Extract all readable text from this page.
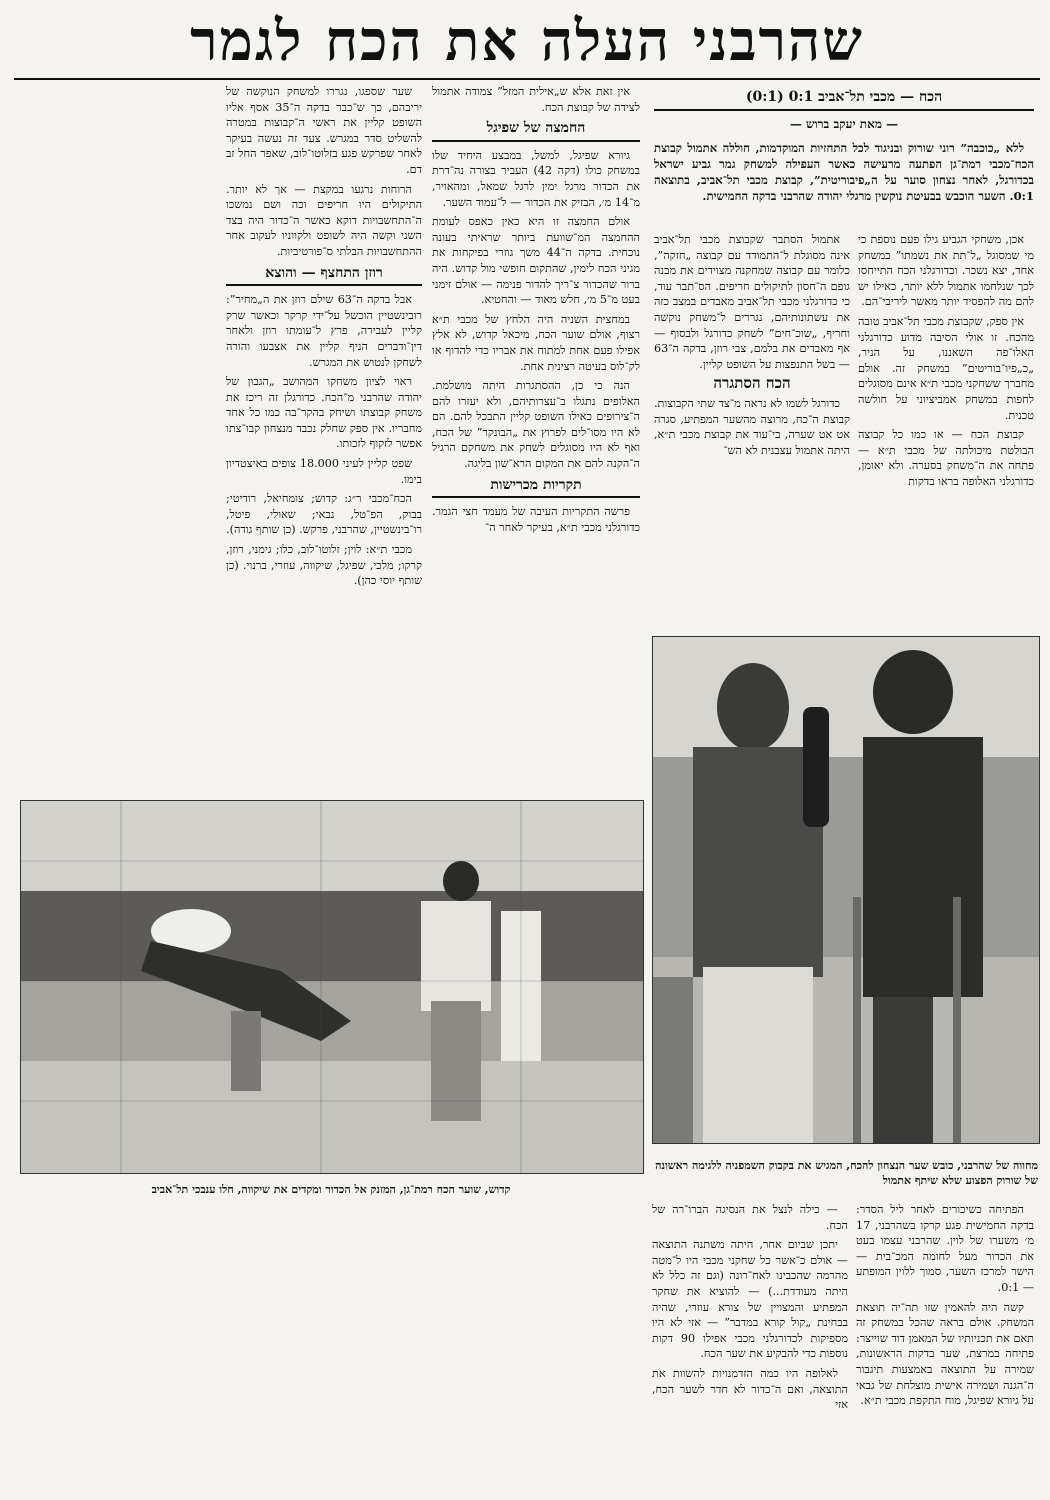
שהרבני העלה את הכח לגמר
הכח — מכבי תל־אביב 0:1 (0:1)
— מאת יעקב ברוש —

ללא „כוכבה” רוני שורוק ובניגוד לכל התחזיות המוקדמות, חוללה אתמול קבוצת הכח־מכבי רמת־גן הפתעה מרעישה כאשר העפילה למשחק גמר גביע ישראל בכדורגל, לאחר נצחון סוער על ה„פיבוריטית”, קבוצת מכבי תל־אביב, בתוצאה 0:1. השער הוכבש בבעיטת נוקשין מרגלי יהודה שהרבני בדקה החמישית.

אכן, משחקי הגביע גילו פעם נוספת כי מי שמסוגל „ל־תת את נשמתו” במשחק אחד, יצא נשכר. וכדורגלני הכח התייחסו לכך שנלחמו אתמול ללא יותר, כאילו יש להם מה להפסיד יותר מאשר ליריבי־הם.

אין ספק, שקבוצת מכבי תל־אביב טובה מהכח. זו אולי הסיבה מדוע כדורגלני האלו־פה השאננו, על הניר, „כ„פיו־בוריטים” במשחק זה. אולם מחברך ששחקני מכבי ת״א אינם מסוגלים לחפות במשחק אמביציוני על חולשה טכנית.

קבוצת הכח — או כמו כל קבוצה הבולטת מיכולתה של מכבי ת״א — פתחה את ה־משחק בסערה. ולא יאומן, כדורגלני האלופה בראו בדקות

אתמול הסתבר שקבוצת מכבי תל־אביב אינה מסוגלת ל־התמודד עם קבוצה „חזקה”, כלומר עם קבוצה שמחקנה מצוידים את מבנה גופם ה־חסון לתיקולים חריפים. הס־תבר עוד, כי כדורגלני מכבי תל־אביב מאבדים במצב כזה את עשתונותיהם, נגררים ל־משחק נוקשה וחריף, „שוכ־חים” לשחק כדורגל ולבסוף — אף מאבדים את בלמם, צבי רוזן, בדקה ה־63 — בשל התנפצות על השופט קליין.

הכח הסתגרה

כדורגל לשמו לא נראה מ־צד שתי הקבוצות. קבוצת ה־כח, מרוצה מהשער המפתיע, סגרה אט אט שערה, בי־עוד את קבוצת מכבי ת״א, היתה אתמול עצבנית לא הש־

אין זאת אלא ש„אילית המזל” צמודה אתמול לצידה של קבוצת הכח.

החמצה של שפיגל

גיורא שפיגל, למשל, במבצע היחיד שלו במשחק כולו (דקה 42) העביר בצורה נה־דרת את הכדור מרגל ימין לרגל שמאל, ומהאויר, מ־14 מ׳, הבזיק את הכדור — ל־עמוד השער.

אולם החמצה זו היא כאין כאפס לעומת ההחמצה המ־שוועת ביותר שראיתי בעונה נוכחית. בדקה ה־44 משך גוזרי בפיקחות את מגיני הכח לימין, שהתקום חופשי מול קדוש. היה ברור שהכדור צ־ריך להדור פנימה — אולם זימני בעט מ־5 מ׳, חלש מאוד — והחטיא.

במחצית השניה היה הלחץ של מכבי ת״א רצוף, אולם שוער הכח, מיכאל קדוש, לא אלץ אפילו פעם אחת למתוח את אבריו כדי להדוף או לק־לוס בעיטה רצינית אחת.

הנה כי כן, ההסתגרות היתה מושלמת. האלופים נתגלו ב־עצרותיהם, ולא יעזרו להם ה־צירופים כאילו השופט קליין התבכל להם. הם לא היו מסו־לים לפרוץ את „הבונקר” של הכח, ואף לא היו מסוגלים לשחק את משחקם הרגיל ה־הקנה להם את המקום הרא־שון בליגה.

תקריות מכרישות

פרשה התקריות העיבה של מעמד חצי הגמר. כדורגלני מכבי ת״א, בעיקר לאחר ה־

שער שספגו, נגררו למשחק הנוקשה של יריבהם, כך ש־כבר בדקה ה־35 אסף אליו השופט קליין את ראשי ה־קבוצות במטרה להשליט סדר במגרש. צעד זה נעשה בעיקר לאחר שפרקש פגע בזלוטו־לוב, שאפר החל זב דם.

הרוחות נרגעו במקצת — אך לא יותר. התיקולים היו חריפים וכה ושם נמשכו ה־התחשבויות דוקא כאשר ה־כדור היה בצד השני וקשה היה לשופט ולקווניו לעקוב אחר ההתחשבויות הבלתי ס־פורטיביות.

רוזן התחצף — והוצא

אבל בדקה ה־63 שילם רוזן את ה„מחיר”: רובינשטיין הוכשל על־ידי קרקר וכאשר שרק קליין לעבירה, פרץ ל־עומתו רוזן ולאחר דין־ודברים הניף קליין את אצבעו והורה לשחקן לנטוש את המגרש.

ראוי לציון משחקו המהושב „הגבון של יהודה שהרבני מ־הכח. כדורגלן זה ריכז את משחק קבוצתו ושיחק בהקר־בה כמו כל אחד מחבריו. אין ספק שחלק נכבד מנצחון קבו־צתו אפשר לזקוף לזכותו.

שפט קליין לעיני 18.000 צופים באיצטדיון בימו.

הכח־מכבי ר״ג: קדוש; צומחיאל, רודיטי; בבוק, הפ־טל, נבאי; שאולי, פיטל, רו־בינשטיין, שהרבני, פרקש. (כן שותף גודה).

מכבי ת״א: לוין; זלוטו־לוב, כלו; גימני, רוזן, קרקו; מלכי, שפיגל, שיקווה, עוזרי, ברנוי. (כן שותף יוסי כהן).

מחווה של שהרבני, כובש שער הנצחון להכח, המגיש את בקבוק השמפניה ללגימה ראשונה של שורוק הפצוע שלא שיתף אתמול
קדוש, שוער הכח רמת־גן, המזנק אל הכדור ומקדים את שיקווה, חלו ענבכי תל־אביב

הפתיחה כשיכורים לאחר ליל הסדר: בדקה החמישית פגע קרקו בשהרבני, 17 מ׳ משערו של לוין. שהרבני עצמו בעט את הכדור מעל לחומה המכ־בית — הישר למרכז השער, סמוך ללוין המופתע — 0:1.

קשה היה להאמין שזו תה־יה תוצאת המשחק. אולם בראה שהכל במשחק זה תאם את תכניותיו של המאמן דוד שוייצר: פתיחה במרצת, שער בדקות הראשונות, שמירה על התוצאה באמצעות תיגבור ה־הגנה ושמירה אישית מוצלחת של גבאי על גיורא שפיגל, מוח התקפת מכבי ת״א.

— כילה לנצל את הנסיגה הברו־רה של הכח.

יתכן שביום אחר, היתה משתנה התוצאה — אולם כ־אשר כל שחקני מכבי היו ל־מטה מהרמה שהכבינו לאח־רונה (וגם זה כלל לא היתה מעודדת...) — להוציא את שחקר המפתיע והמצויין של צורא עוזרי, שהיה בבחינת „קול קורא במדבר” — אזי לא היו מספיקות לכדורגלני מכבי אפילו 90 דקות נוספות כדי להבקיע את שער הכח.

לאלופה היו כמה הזדמנויות להשוות את התוצאה, ואם ה־כדור לא חדר לשער הכח, אזי
